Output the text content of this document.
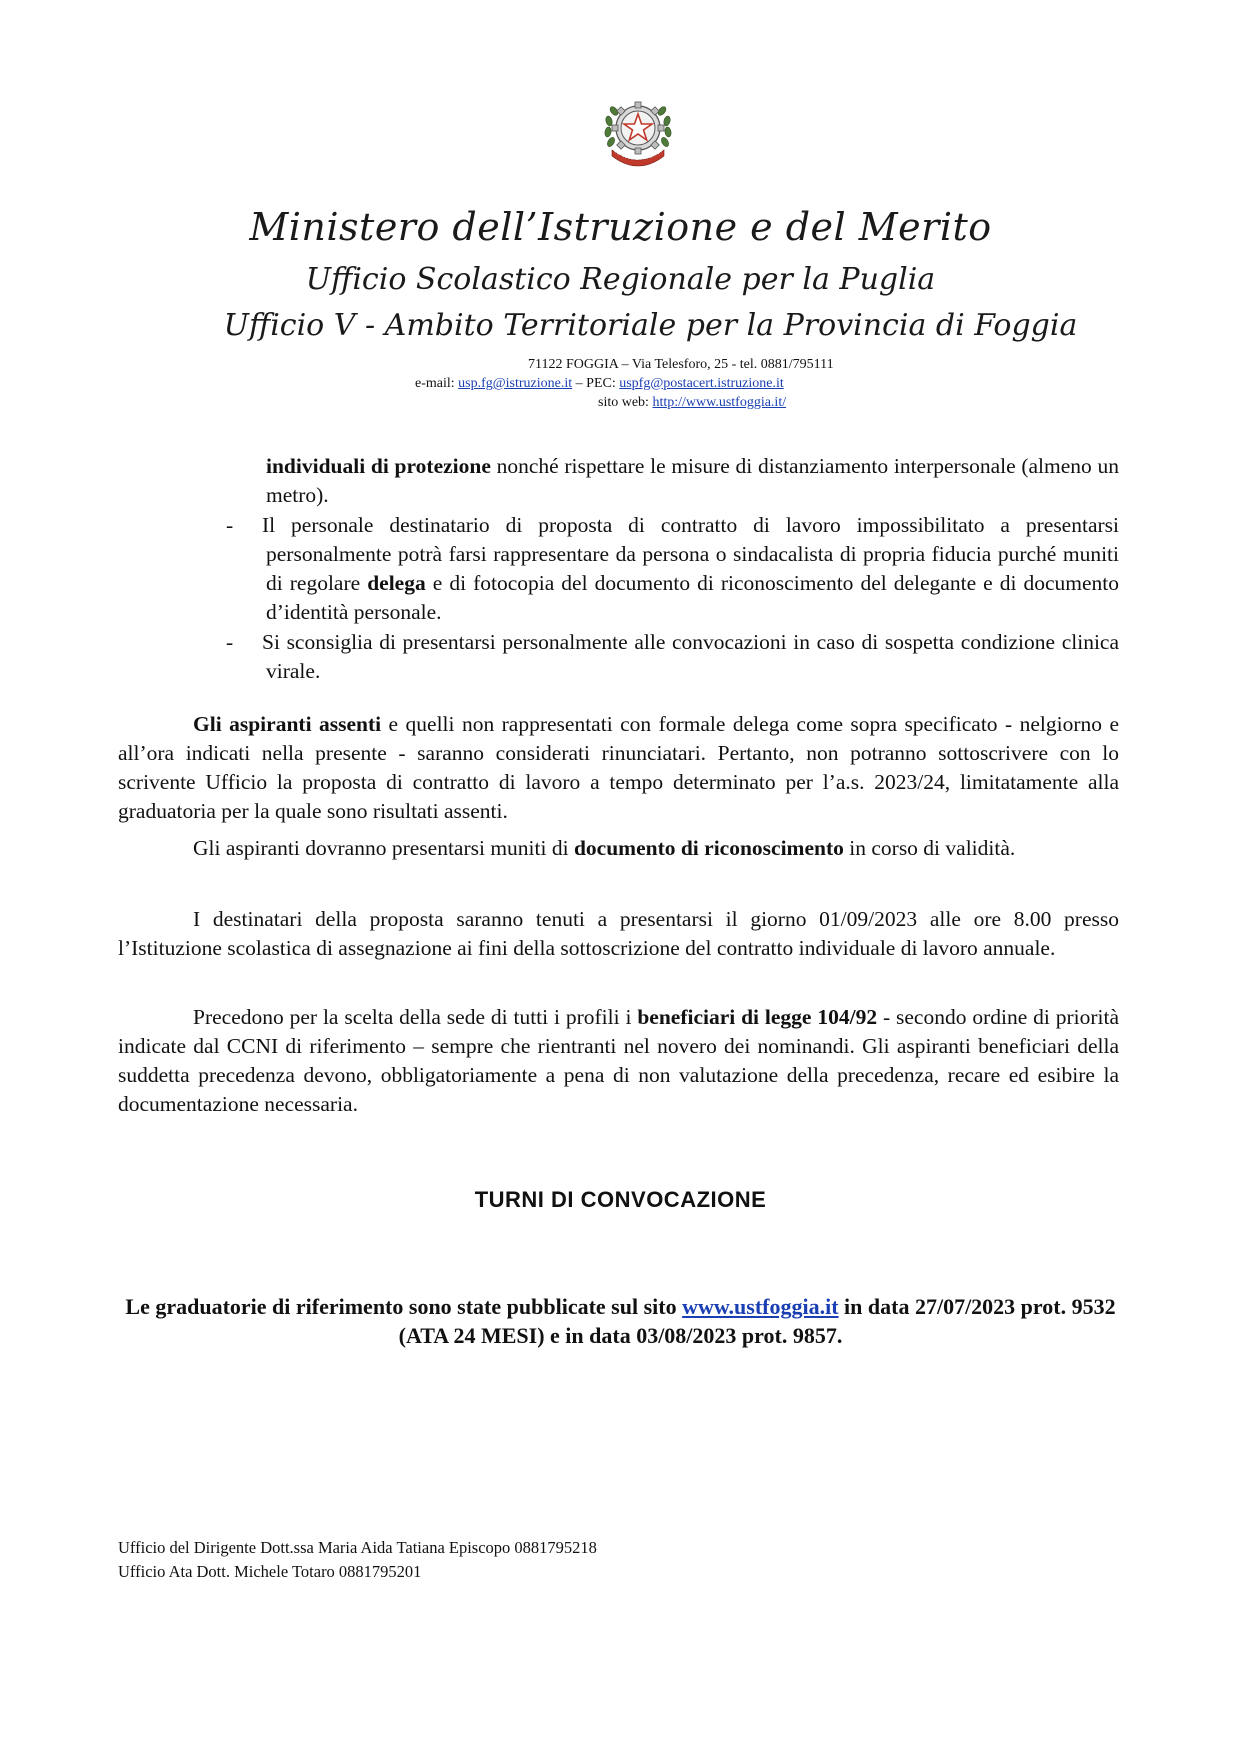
REPUBBLICA ITALIANA
Ministero dell’Istruzione e del Merito
Ufficio Scolastico Regionale per la Puglia
Ufficio V - Ambito Territoriale per la Provincia di Foggia
71122 FOGGIA – Via Telesforo, 25 - tel. 0881/795111
e-mail: usp.fg@istruzione.it – PEC: uspfg@postacert.istruzione.it
sito web: http://www.ustfoggia.it/
individuali di protezione nonché rispettare le misure di distanziamento interpersonale (almeno un metro).
- Il personale destinatario di proposta di contratto di lavoro impossibilitato a presentarsi personalmente potrà farsi rappresentare da persona o sindacalista di propria fiducia purché muniti di regolare delega e di fotocopia del documento di riconoscimento del delegante e di documento d’identità personale.
- Si sconsiglia di presentarsi personalmente alle convocazioni in caso di sospetta condizione clinica virale.
Gli aspiranti assenti e quelli non rappresentati con formale delega come sopra specificato - nelgiorno e all’ora indicati nella presente - saranno considerati rinunciatari. Pertanto, non potranno sottoscrivere con lo scrivente Ufficio la proposta di contratto di lavoro a tempo determinato per l’a.s. 2023/24, limitatamente alla graduatoria per la quale sono risultati assenti.
Gli aspiranti dovranno presentarsi muniti di documento di riconoscimento in corso di validità.
I destinatari della proposta saranno tenuti a presentarsi il giorno 01/09/2023 alle ore 8.00 presso l’Istituzione scolastica di assegnazione ai fini della sottoscrizione del contratto individuale di lavoro annuale.
Precedono per la scelta della sede di tutti i profili i beneficiari di legge 104/92 - secondo ordine di priorità indicate dal CCNI di riferimento – sempre che rientranti nel novero dei nominandi. Gli aspiranti beneficiari della suddetta precedenza devono, obbligatoriamente a pena di non valutazione della precedenza, recare ed esibire la documentazione necessaria.
TURNI DI CONVOCAZIONE
Le graduatorie di riferimento sono state pubblicate sul sito www.ustfoggia.it in data 27/07/2023 prot. 9532 (ATA 24 MESI) e in data 03/08/2023 prot. 9857.
Ufficio del Dirigente Dott.ssa Maria Aida Tatiana Episcopo 0881795218
Ufficio Ata Dott. Michele Totaro 0881795201
